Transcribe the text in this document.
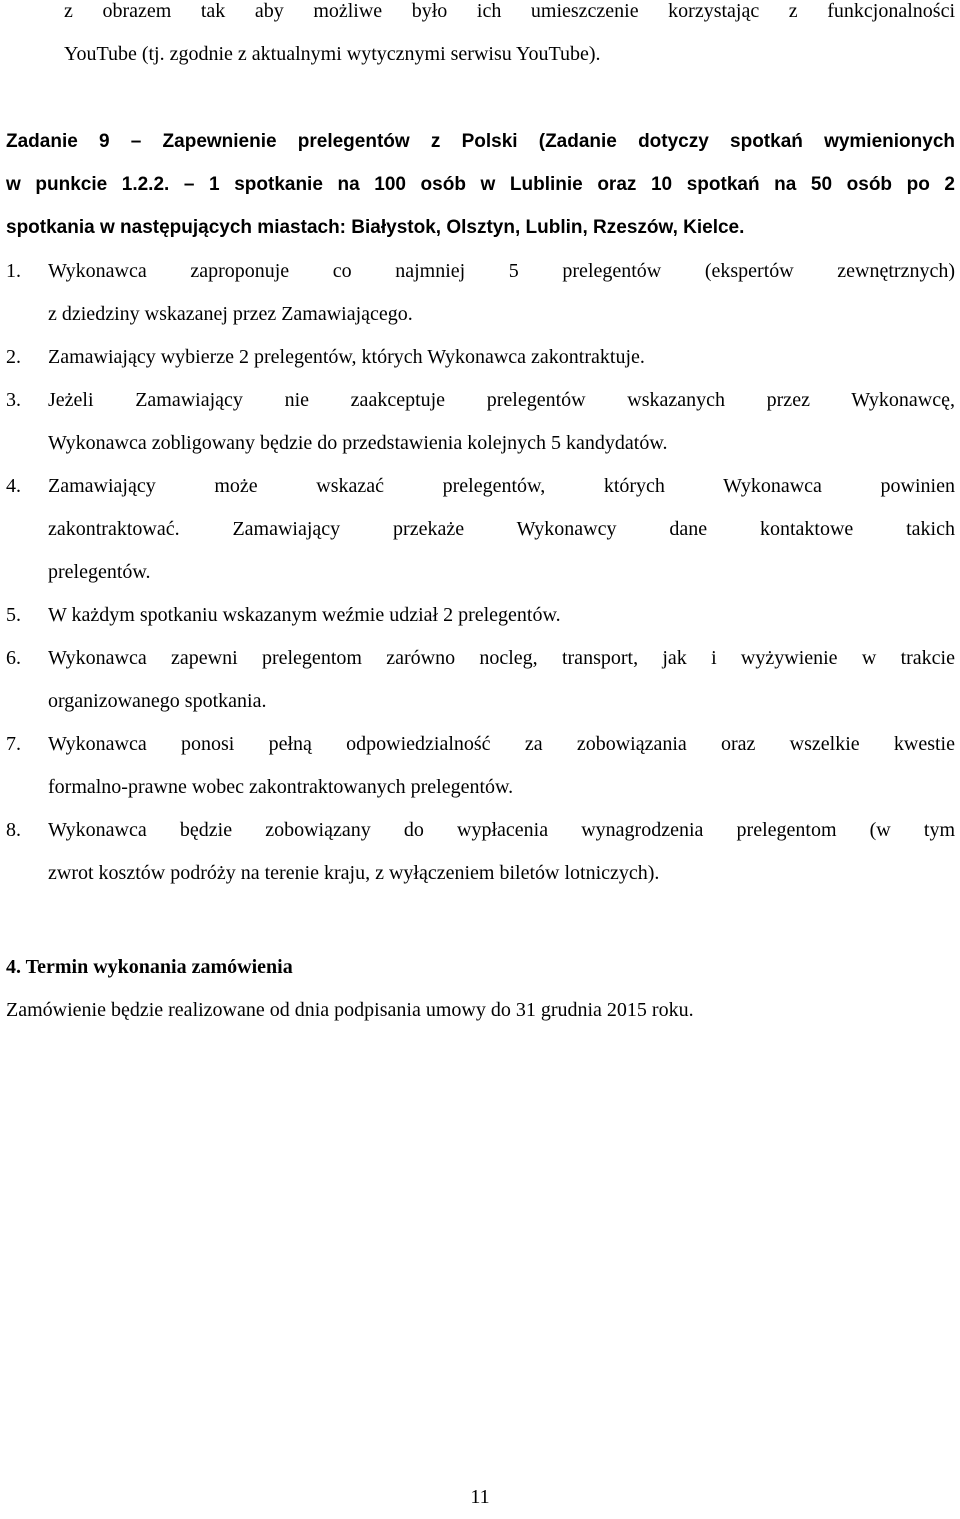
z obrazem tak aby możliwe było ich umieszczenie korzystając z funkcjonalności
YouTube (tj. zgodnie z aktualnymi wytycznymi serwisu YouTube).
Zadanie 9 – Zapewnienie prelegentów z Polski (Zadanie dotyczy spotkań wymienionych
w punkcie 1.2.2. – 1 spotkanie na 100 osób w Lublinie oraz 10 spotkań na 50 osób po 2
spotkania w następujących miastach: Białystok, Olsztyn, Lublin, Rzeszów, Kielce.
1.	Wykonawca zaproponuje co najmniej 5 prelegentów (ekspertów zewnętrznych)
z dziedziny wskazanej przez Zamawiającego.
2.	Zamawiający wybierze 2 prelegentów, których Wykonawca zakontraktuje.
3.	Jeżeli Zamawiający nie zaakceptuje prelegentów wskazanych przez Wykonawcę,
Wykonawca zobligowany będzie do przedstawienia kolejnych 5 kandydatów.
4.	Zamawiający może wskazać prelegentów, których Wykonawca powinien
zakontraktować. Zamawiający przekaże Wykonawcy dane kontaktowe takich
prelegentów.
5.	W każdym spotkaniu wskazanym weźmie udział 2 prelegentów.
6.	Wykonawca zapewni prelegentom zarówno nocleg, transport, jak i wyżywienie w trakcie
organizowanego spotkania.
7.	Wykonawca ponosi pełną odpowiedzialność za zobowiązania oraz wszelkie kwestie
formalno-prawne wobec zakontraktowanych prelegentów.
8.	Wykonawca będzie zobowiązany do wypłacenia wynagrodzenia prelegentom (w tym
zwrot kosztów podróży na terenie kraju, z wyłączeniem biletów lotniczych).
4. Termin wykonania zamówienia
Zamówienie będzie realizowane od dnia podpisania umowy do 31 grudnia 2015 roku.
11
